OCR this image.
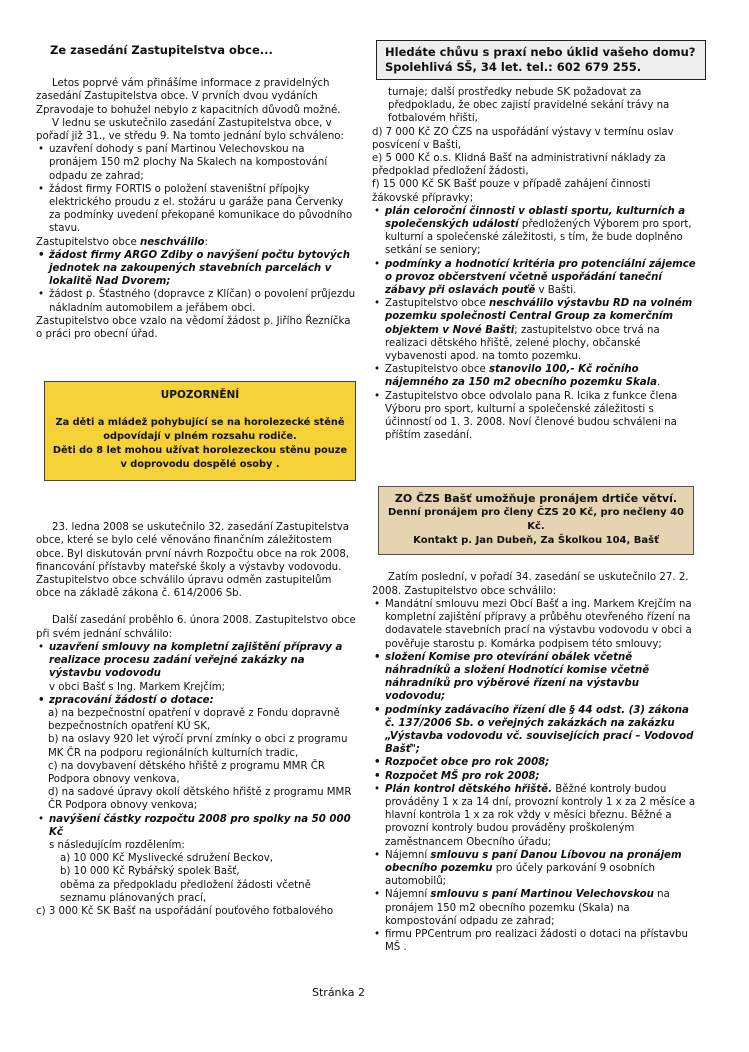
Ze zasedání Zastupitelstva obce...

Letos poprvé vám přinášíme informace z pravidelných zasedání Zastupitelstva obce. V prvních dvou vydáních Zpravodaje to bohužel nebylo z kapacitních důvodů možné.

V lednu se uskutečnilo zasedání Zastupitelstva obce, v pořadí již 31., ve středu 9. Na tomto jednání bylo schváleno:

• uzavření dohody s paní Martinou Velechovskou na pronájem 150 m2 plochy Na Skalech na kompostování odpadu ze zahrad;
• žádost firmy FORTIS o položení staveništní přípojky elektrického proudu z el. stožáru u garáže pana Červenky za podmínky uvedení překopané komunikace do původního stavu.

Zastupitelstvo obce neschválilo:

• žádost firmy ARGO Zdiby o navýšení počtu bytových jednotek na zakoupených stavebních parcelách v lokalitě Nad Dvorem;
• žádost p. Šťastného (dopravce z Klíčan) o povolení průjezdu nákladním automobilem a jeřábem obci.

Zastupitelstvo obce vzalo na vědomí žádost p. Jiřího Řezníčka o práci pro obecní úřad.

UPOZORNĚNÍ
Za děti a mládež pohybující se na horolezecké stěně odpovídají v plném rozsahu rodiče.
Děti do 8 let mohou užívat horolezeckou stěnu pouze v doprovodu dospělé osoby .

23. ledna 2008 se uskutečnilo 32. zasedání Zastupitelstva obce, které se bylo celé věnováno finančním záležitostem obce. Byl diskutován první návrh Rozpočtu obce na rok 2008, financování přístavby mateřské školy a výstavby vodovodu. Zastupitelstvo obce schválilo úpravu odměn zastupitelům obce na základě zákona č. 614/2006 Sb.

Další zasedání proběhlo 6. února 2008. Zastupitelstvo obce při svém jednání schválilo:

• uzavření smlouvy na kompletní zajištění přípravy a realizace procesu zadání veřejné zakázky na výstavbu vodovodu
v obci Bašť s Ing. Markem Krejčím;
• zpracování žádostí o dotace:
a) na bezpečnostní opatření v dopravě z Fondu dopravně bezpečnostních opatření KÚ SK,
b) na oslavy 920 let výročí první zmínky o obci z programu MK ČR na podporu regionálních kulturních tradic,
c) na dovybavení dětského hřiště z programu MMR ČR Podpora obnovy venkova,
d) na sadové úpravy okolí dětského hřiště z programu MMR ČR Podpora obnovy venkova;
• navýšení částky rozpočtu 2008 pro spolky na 50 000 Kč
s následujícím rozdělením:
a) 10 000 Kč Myslivecké sdružení Beckov,
b) 10 000 Kč Rybářský spolek Bašť,
oběma za předpokladu předložení žádosti včetně seznamu plánovaných prací,
c) 3 000 Kč SK Bašť na uspořádání pouťového fotbalového
Hledáte chůvu s praxí nebo úklid vašeho domu?
Spolehlivá SŠ, 34 let. tel.: 602 679 255.
turnaje; další prostředky nebude SK požadovat za předpokladu, že obec zajistí pravidelné sekání trávy na fotbalovém hřišti,
d) 7 000 Kč ZO ČZS na uspořádání výstavy v termínu oslav posvícení v Bašti,
e) 5 000 Kč o.s. Klidná Bašť na administrativní náklady za předpoklad předložení žádosti,
f) 15 000 Kč SK Bašť pouze v případě zahájení činnosti žákovské přípravky;
• plán celoroční činnosti v oblasti sportu, kulturních a společenských událostí předložených Výborem pro sport, kulturní a společenské záležitosti, s tím, že bude doplněno setkání se seniory;
• podmínky a hodnotící kritéria pro potenciální zájemce o provoz občerstvení včetně uspořádání taneční zábavy při oslavách pouťě v Bašti.
• Zastupitelstvo obce neschválilo výstavbu RD na volném pozemku společnosti Central Group za komerčním objektem v Nové Bašti; zastupitelstvo obce trvá na realizaci dětského hřiště, zelené plochy, občanské vybavenosti apod. na tomto pozemku.
• Zastupitelstvo obce stanovilo 100,- Kč ročního nájemného za 150 m2 obecního pozemku Skala.
• Zastupitelstvo obce odvolalo pana R. Icika z funkce člena Výboru pro sport, kulturní a společenské záležitosti s účinností od 1. 3. 2008. Noví členové budou schváleni na příštím zasedání.
ZO ČZS Bašť umožňuje pronájem drtiče větví.
Denní pronájem pro členy ČZS 20 Kč, pro nečleny 40 Kč.
Kontakt p. Jan Dubeň, Za Školkou 104, Bašť

Zatím poslední, v pořadí 34. zasedání se uskutečnilo 27. 2. 2008. Zastupitelstvo obce schválilo:

• Mandátní smlouvu mezi Obcí Bašť a ing. Markem Krejčím na kompletní zajištění přípravy a průběhu otevřeného řízení na dodavatele stavebních prací na výstavbu vodovodu v obci a pověřuje starostu p. Komárka podpisem této smlouvy;
• složení Komise pro otevírání obálek včetně náhradníků a složení Hodnotící komise včetně náhradníků pro výběrové řízení na výstavbu vodovodu;
• podmínky zadávacího řízení dle § 44 odst. (3) zákona č. 137/2006 Sb. o veřejných zakázkách na zakázku „Výstavba vodovodu vč. souvisejících prací – Vodovod Bašť";
• Rozpočet obce pro rok 2008;
• Rozpočet MŠ pro rok 2008;
• Plán kontrol dětského hřiště. Běžné kontroly budou prováděny 1 x za 14 dní, provozní kontroly 1 x za 2 měsíce a hlavní kontrola 1 x za rok vždy v měsíci březnu. Běžné a provozní kontroly budou prováděny proškoleným zaměstnancem Obecního úřadu;
• Nájemní smlouvu s paní Danou Líbovou na pronájem obecního pozemku pro účely parkování 9 osobních automobilů;
• Nájemní smlouvu s paní Martinou Velechovskou na pronájem 150 m2 obecního pozemku (Skala) na kompostování odpadu ze zahrad;
• firmu PPCentrum pro realizaci žádosti o dotaci na přístavbu MŠ .
Stránka 2
